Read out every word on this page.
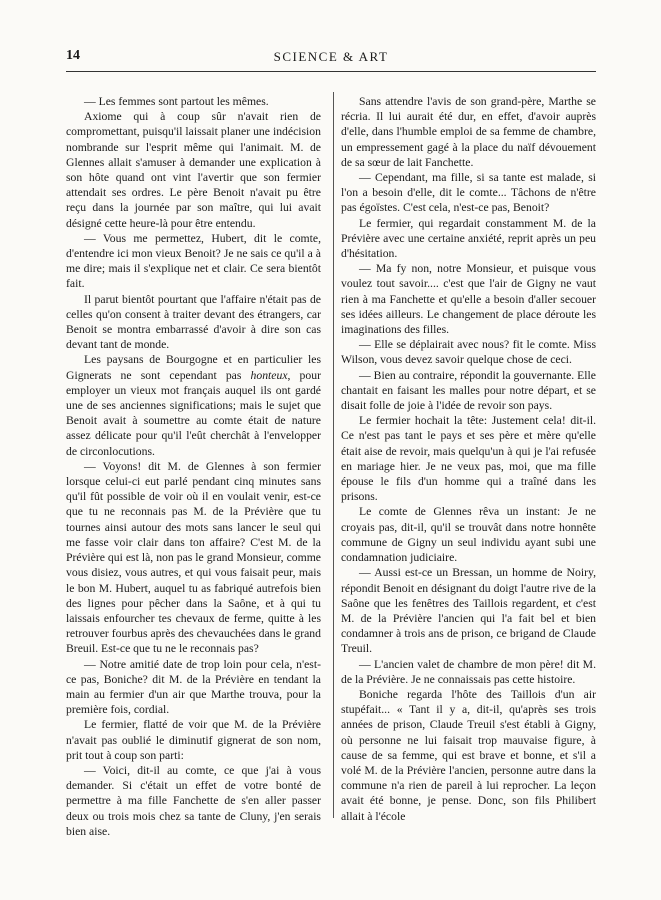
14	SCIENCE & ART

— Les femmes sont partout les mêmes.

Axiome qui à coup sûr n'avait rien de compromettant, puisqu'il laissait planer une indécision nombrande sur l'esprit même qui l'animait. M. de Glennes allait s'amuser à demander une explication à son hôte quand ont vint l'avertir que son fermier attendait ses ordres. Le père Benoit n'avait pu être reçu dans la journée par son maître, qui lui avait désigné cette heure-là pour être entendu.

— Vous me permettez, Hubert, dit le comte, d'entendre ici mon vieux Benoit? Je ne sais ce qu'il a à me dire; mais il s'explique net et clair. Ce sera bientôt fait.

Il parut bientôt pourtant que l'affaire n'était pas de celles qu'on consent à traiter devant des étrangers, car Benoit se montra embarrassé d'avoir à dire son cas devant tant de monde.

Les paysans de Bourgogne et en particulier les Gignerats ne sont cependant pas honteux, pour employer un vieux mot français auquel ils ont gardé une de ses anciennes significations; mais le sujet que Benoit avait à soumettre au comte était de nature assez délicate pour qu'il l'eût cherchât à l'envelopper de circonlocutions.

— Voyons! dit M. de Glennes à son fermier lorsque celui-ci eut parlé pendant cinq minutes sans qu'il fût possible de voir où il en voulait venir, est-ce que tu ne reconnais pas M. de la Prévière que tu tournes ainsi autour des mots sans lancer le seul qui me fasse voir clair dans ton affaire? C'est M. de la Prévière qui est là, non pas le grand Monsieur, comme vous disiez, vous autres, et qui vous faisait peur, mais le bon M. Hubert, auquel tu as fabriqué autrefois bien des lignes pour pêcher dans la Saône, et à qui tu laissais enfourcher tes chevaux de ferme, quitte à les retrouver fourbus après des chevauchées dans le grand Breuil. Est-ce que tu ne le reconnais pas?

— Notre amitié date de trop loin pour cela, n'est-ce pas, Boniche? dit M. de la Prévière en tendant la main au fermier d'un air que Marthe trouva, pour la première fois, cordial.

Le fermier, flatté de voir que M. de la Prévière n'avait pas oublié le diminutif gignerat de son nom, prit tout à coup son parti:

— Voici, dit-il au comte, ce que j'ai à vous demander. Si c'était un effet de votre bonté de permettre à ma fille Fanchette de s'en aller passer deux ou trois mois chez sa tante de Cluny, j'en serais bien aise.

Sans attendre l'avis de son grand-père, Marthe se récria. Il lui aurait été dur, en effet, d'avoir auprès d'elle, dans l'humble emploi de sa femme de chambre, un empressement gagé à la place du naïf dévouement de sa sœur de lait Fanchette.

— Cependant, ma fille, si sa tante est malade, si l'on a besoin d'elle, dit le comte... Tâchons de n'être pas égoïstes. C'est cela, n'est-ce pas, Benoit?

Le fermier, qui regardait constamment M. de la Prévière avec une certaine anxiété, reprit après un peu d'hésitation.

— Ma fy non, notre Monsieur, et puisque vous voulez tout savoir.... c'est que l'air de Gigny ne vaut rien à ma Fanchette et qu'elle a besoin d'aller secouer ses idées ailleurs. Le changement de place déroute les imaginations des filles.

— Elle se déplairait avec nous? fit le comte. Miss Wilson, vous devez savoir quelque chose de ceci.

— Bien au contraire, répondit la gouvernante. Elle chantait en faisant les malles pour notre départ, et se disait folle de joie à l'idée de revoir son pays.

Le fermier hochait la tête: Justement cela! dit-il. Ce n'est pas tant le pays et ses père et mère qu'elle était aise de revoir, mais quelqu'un à qui je l'ai refusée en mariage hier. Je ne veux pas, moi, que ma fille épouse le fils d'un homme qui a traîné dans les prisons.

Le comte de Glennes rêva un instant: Je ne croyais pas, dit-il, qu'il se trouvât dans notre honnête commune de Gigny un seul individu ayant subi une condamnation judiciaire.

— Aussi est-ce un Bressan, un homme de Noiry, répondit Benoit en désignant du doigt l'autre rive de la Saône que les fenêtres des Taillois regardent, et c'est M. de la Prévière l'ancien qui l'a fait bel et bien condamner à trois ans de prison, ce brigand de Claude Treuil.

— L'ancien valet de chambre de mon père! dit M. de la Prévière. Je ne connaissais pas cette histoire.

Boniche regarda l'hôte des Taillois d'un air stupéfait... « Tant il y a, dit-il, qu'après ses trois années de prison, Claude Treuil s'est établi à Gigny, où personne ne lui faisait trop mauvaise figure, à cause de sa femme, qui est brave et bonne, et s'il a volé M. de la Prévière l'ancien, personne autre dans la commune n'a rien de pareil à lui reprocher. La leçon avait été bonne, je pense. Donc, son fils Philibert allait à l'école
